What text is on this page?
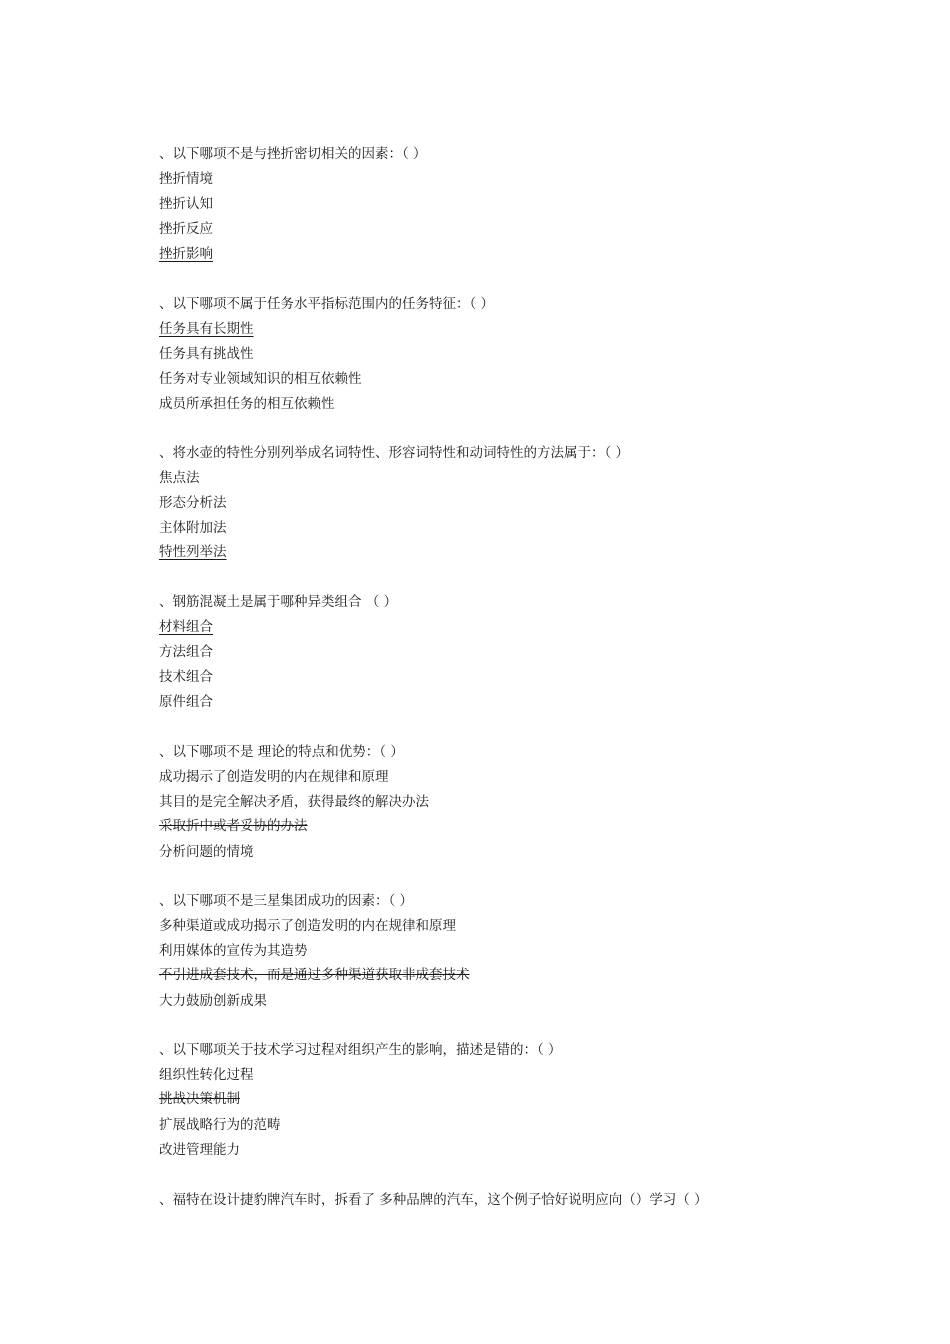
、以下哪项不是与挫折密切相关的因素：（ ）
挫折情境
挫折认知
挫折反应
挫折影响
、以下哪项不属于任务水平指标范围内的任务特征：（ ）
任务具有长期性
任务具有挑战性
任务对专业领域知识的相互依赖性
成员所承担任务的相互依赖性
、将水壶的特性分别列举成名词特性、形容词特性和动词特性的方法属于：（ ）
焦点法
形态分析法
主体附加法
特性列举法
、钢筋混凝土是属于哪种异类组合 （ ）
材料组合
方法组合
技术组合
原件组合
、以下哪项不是 理论的特点和优势：（ ）
成功揭示了创造发明的内在规律和原理
其目的是完全解决矛盾，获得最终的解决办法
采取折中或者妥协的办法
分析问题的情境
、以下哪项不是三星集团成功的因素：（ ）
多种渠道或成功揭示了创造发明的内在规律和原理
利用媒体的宣传为其造势
不引进成套技术，而是通过多种渠道获取非成套技术
大力鼓励创新成果
、以下哪项关于技术学习过程对组织产生的影响，描述是错的：（ ）
组织性转化过程
挑战决策机制
扩展战略行为的范畴
改进管理能力
、福特在设计捷豹牌汽车时，拆看了 多种品牌的汽车，这个例子恰好说明应向（）学习（ ）
